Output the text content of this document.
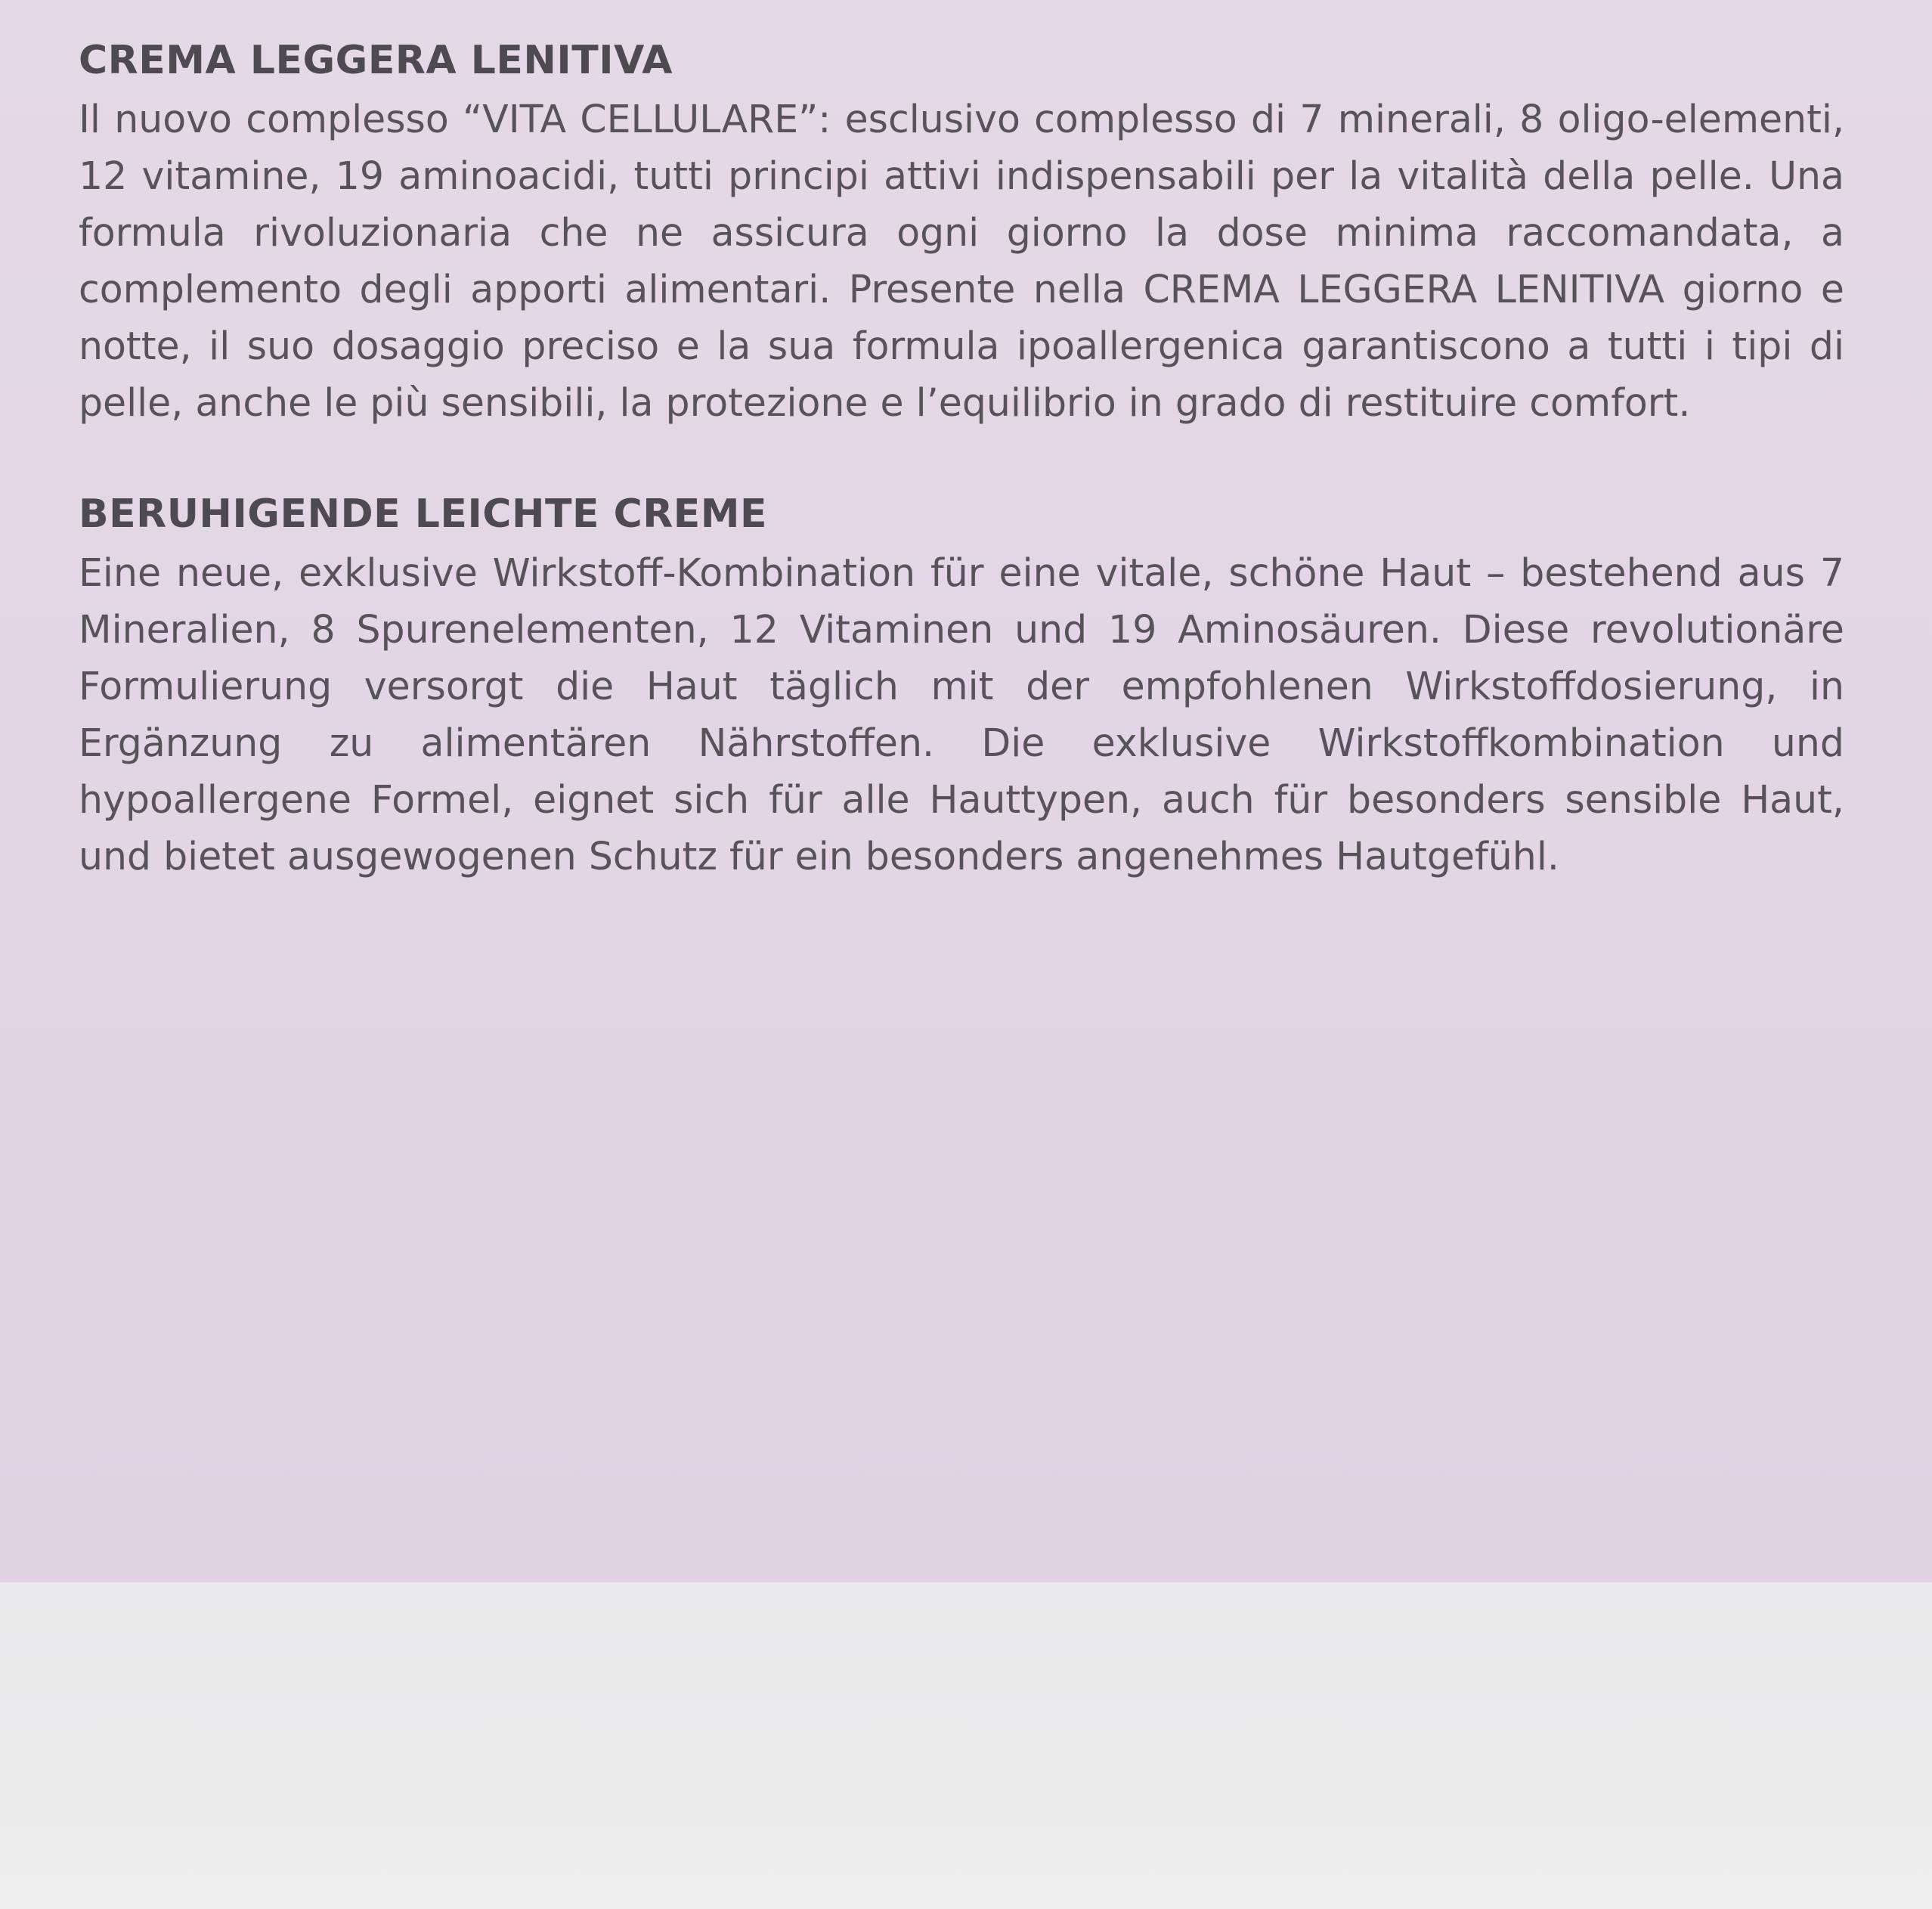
CREMA LEGGERA LENITIVA

Il nuovo complesso “VITA CELLULARE”: esclusivo complesso di 7 minerali, 8 oligo-elementi, 12 vitamine, 19 aminoacidi, tutti principi attivi indispensabili per la vitalità della pelle. Una formula rivoluzionaria che ne assicura ogni giorno la dose minima raccomandata, a complemento degli apporti alimentari. Presente nella CREMA LEGGERA LENITIVA giorno e notte, il suo dosaggio preciso e la sua formula ipoallergenica garantiscono a tutti i tipi di pelle, anche le più sensibili, la protezione e l’equilibrio in grado di restituire comfort.

BERUHIGENDE LEICHTE CREME

Eine neue, exklusive Wirkstoff-Kombination für eine vitale, schöne Haut – bestehend aus 7 Mineralien, 8 Spurenelementen, 12 Vitaminen und 19 Aminosäuren. Diese revolutionäre Formulierung versorgt die Haut täglich mit der empfohlenen Wirkstoffdosierung, in Ergänzung zu alimentären Nährstoffen. Die exklusive Wirkstoffkombination und hypoallergene Formel, eignet sich für alle Hauttypen, auch für besonders sensible Haut, und bietet ausgewogenen Schutz für ein besonders angenehmes Hautgefühl.
